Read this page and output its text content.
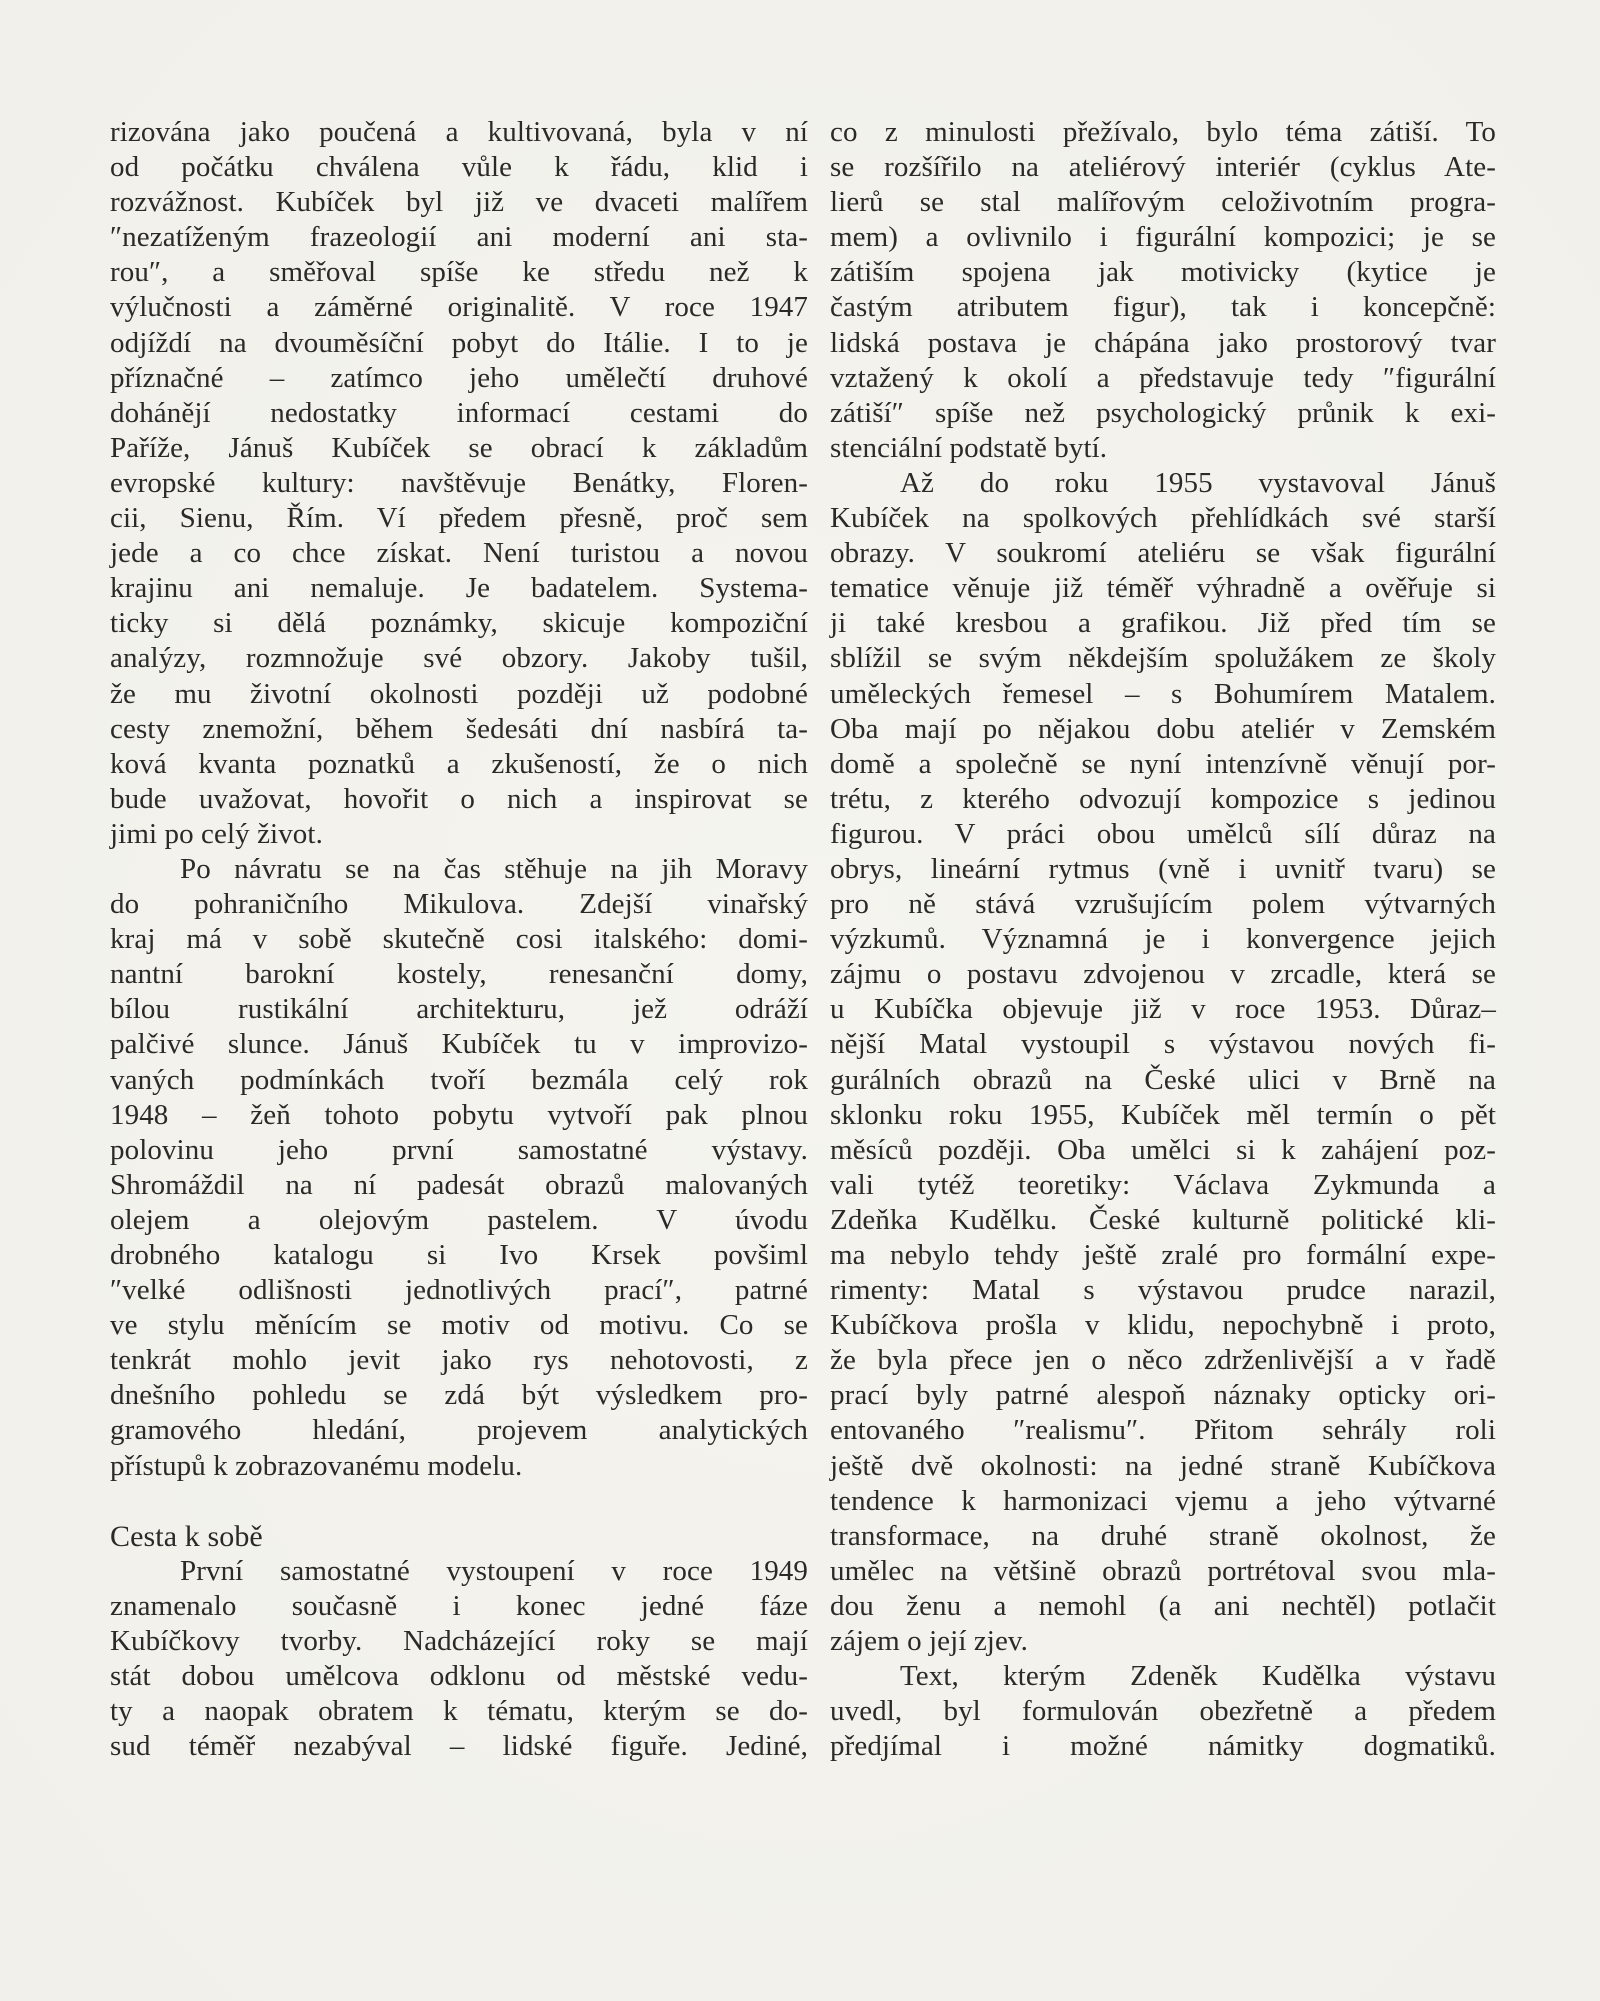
rizována jako poučená a kultivovaná, byla v ní
od počátku chválena vůle k řádu, klid i
rozvážnost. Kubíček byl již ve dvaceti malířem
″nezatíženým frazeologií ani moderní ani sta-
rou″, a směřoval spíše ke středu než k
výlučnosti a záměrné originalitě. V roce 1947
odjíždí na dvouměsíční pobyt do Itálie. I to je
příznačné – zatímco jeho umělečtí druhové
dohánějí nedostatky informací cestami do
Paříže, Jánuš Kubíček se obrací k základům
evropské kultury: navštěvuje Benátky, Floren-
cii, Sienu, Řím. Ví předem přesně, proč sem
jede a co chce získat. Není turistou a novou
krajinu ani nemaluje. Je badatelem. Systema-
ticky si dělá poznámky, skicuje kompoziční
analýzy, rozmnožuje své obzory. Jakoby tušil,
že mu životní okolnosti později už podobné
cesty znemožní, během šedesáti dní nasbírá ta-
ková kvanta poznatků a zkušeností, že o nich
bude uvažovat, hovořit o nich a inspirovat se
jimi po celý život.
Po návratu se na čas stěhuje na jih Moravy
do pohraničního Mikulova. Zdejší vinařský
kraj má v sobě skutečně cosi italského: domi-
nantní barokní kostely, renesanční domy,
bílou rustikální architekturu, jež odráží
palčivé slunce. Jánuš Kubíček tu v improvizo-
vaných podmínkách tvoří bezmála celý rok
1948 – žeň tohoto pobytu vytvoří pak plnou
polovinu jeho první samostatné výstavy.
Shromáždil na ní padesát obrazů malovaných
olejem a olejovým pastelem. V úvodu
drobného katalogu si Ivo Krsek povšiml
″velké odlišnosti jednotlivých prací″, patrné
ve stylu měnícím se motiv od motivu. Co se
tenkrát mohlo jevit jako rys nehotovosti, z
dnešního pohledu se zdá být výsledkem pro-
gramového hledání, projevem analytických
přístupů k zobrazovanému modelu.
Cesta k sobě
První samostatné vystoupení v roce 1949
znamenalo současně i konec jedné fáze
Kubíčkovy tvorby. Nadcházející roky se mají
stát dobou umělcova odklonu od městské vedu-
ty a naopak obratem k tématu, kterým se do-
sud téměř nezabýval – lidské figuře. Jediné,
co z minulosti přežívalo, bylo téma zátiší. To
se rozšířilo na ateliérový interiér (cyklus Ate-
lierů se stal malířovým celoživotním progra-
mem) a ovlivnilo i figurální kompozici; je se
zátiším spojena jak motivicky (kytice je
častým atributem figur), tak i koncepčně:
lidská postava je chápána jako prostorový tvar
vztažený k okolí a představuje tedy ″figurální
zátiší″ spíše než psychologický průnik k exi-
stenciální podstatě bytí.
Až do roku 1955 vystavoval Jánuš
Kubíček na spolkových přehlídkách své starší
obrazy. V soukromí ateliéru se však figurální
tematice věnuje již téměř výhradně a ověřuje si
ji také kresbou a grafikou. Již před tím se
sblížil se svým někdejším spolužákem ze školy
uměleckých řemesel – s Bohumírem Matalem.
Oba mají po nějakou dobu ateliér v Zemském
domě a společně se nyní intenzívně věnují por-
trétu, z kterého odvozují kompozice s jedinou
figurou. V práci obou umělců sílí důraz na
obrys, lineární rytmus (vně i uvnitř tvaru) se
pro ně stává vzrušujícím polem výtvarných
výzkumů. Významná je i konvergence jejich
zájmu o postavu zdvojenou v zrcadle, která se
u Kubíčka objevuje již v roce 1953. Důraz–
nější Matal vystoupil s výstavou nových fi-
gurálních obrazů na České ulici v Brně na
sklonku roku 1955, Kubíček měl termín o pět
měsíců později. Oba umělci si k zahájení poz-
vali tytéž teoretiky: Václava Zykmunda a
Zdeňka Kudělku. České kulturně politické kli-
ma nebylo tehdy ještě zralé pro formální expe-
rimenty: Matal s výstavou prudce narazil,
Kubíčkova prošla v klidu, nepochybně i proto,
že byla přece jen o něco zdrženlivější a v řadě
prací byly patrné alespoň náznaky opticky ori-
entovaného ″realismu″. Přitom sehrály roli
ještě dvě okolnosti: na jedné straně Kubíčkova
tendence k harmonizaci vjemu a jeho výtvarné
transformace, na druhé straně okolnost, že
umělec na většině obrazů portrétoval svou mla-
dou ženu a nemohl (a ani nechtěl) potlačit
zájem o její zjev.
Text, kterým Zdeněk Kudělka výstavu
uvedl, byl formulován obezřetně a předem
předjímal i možné námitky dogmatiků.
